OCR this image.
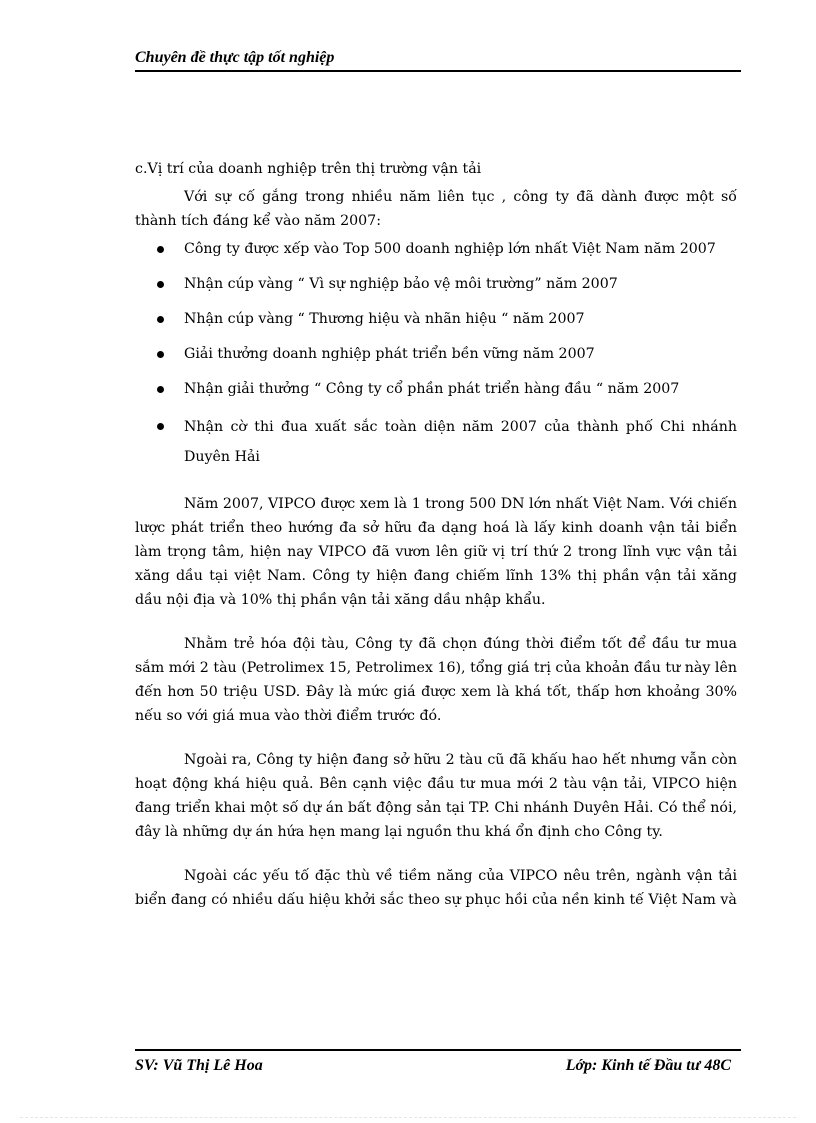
Chuyên đề thực tập tốt nghiệp

c.Vị trí của doanh nghiệp trên thị trường vận tải

Với sự cố gắng trong nhiều năm liên tục , công ty đã dành được một số thành tích đáng kể vào năm 2007:

Công ty được xếp vào Top 500 doanh nghiệp lớn nhất Việt Nam năm 2007
Nhận cúp vàng “ Vì sự nghiệp bảo vệ môi trường” năm 2007
Nhận cúp vàng “ Thương hiệu và nhãn hiệu “ năm 2007
Giải thưởng doanh nghiệp phát triển bền vững năm 2007
Nhận giải thưởng “ Công ty cổ phần phát triển hàng đầu “ năm 2007
Nhận cờ thi đua xuất sắc toàn diện năm 2007 của thành phố Chi nhánh Duyên Hải

Năm 2007, VIPCO được xem là 1 trong 500 DN lớn nhất Việt Nam. Với chiến lược phát triển theo hướng đa sở hữu đa dạng hoá là lấy kinh doanh vận tải biển làm trọng tâm, hiện nay VIPCO đã vươn lên giữ vị trí thứ 2 trong lĩnh vực vận tải xăng dầu tại việt Nam. Công ty hiện đang chiếm lĩnh 13% thị phần vận tải xăng dầu nội địa và 10% thị phần vận tải xăng dầu nhập khẩu.

Nhằm trẻ hóa đội tàu, Công ty đã chọn đúng thời điểm tốt để đầu tư mua sắm mới 2 tàu (Petrolimex 15, Petrolimex 16), tổng giá trị của khoản đầu tư này lên đến hơn 50 triệu USD. Đây là mức giá được xem là khá tốt, thấp hơn khoảng 30% nếu so với giá mua vào thời điểm trước đó.

Ngoài ra, Công ty hiện đang sở hữu 2 tàu cũ đã khấu hao hết nhưng vẫn còn hoạt động khá hiệu quả. Bên cạnh việc đầu tư mua mới 2 tàu vận tải, VIPCO hiện đang triển khai một số dự án bất động sản tại TP. Chi nhánh Duyên Hải. Có thể nói, đây là những dự án hứa hẹn mang lại nguồn thu khá ổn định cho Công ty.

Ngoài các yếu tố đặc thù về tiềm năng của VIPCO nêu trên, ngành vận tải biển đang có nhiều dấu hiệu khởi sắc theo sự phục hồi của nền kinh tế Việt Nam và

SV: Vũ Thị Lê Hoa	Lớp: Kinh tế Đầu tư 48C
